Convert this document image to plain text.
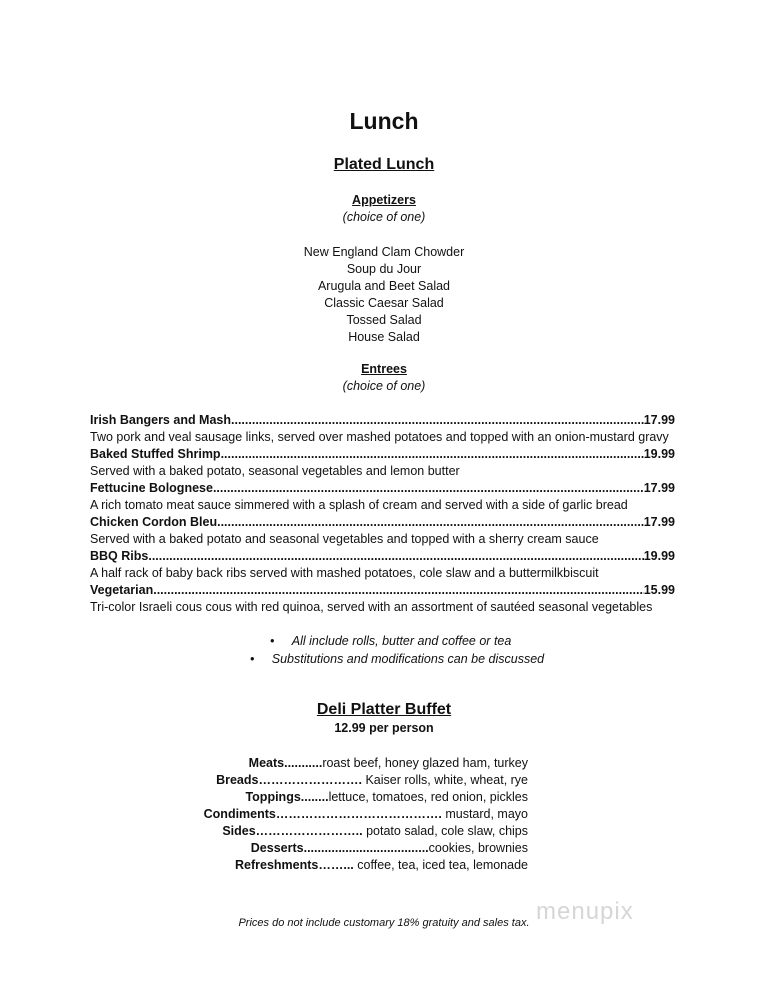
Lunch
Plated Lunch
Appetizers
(choice of one)
New England Clam Chowder
Soup du Jour
Arugula and Beet Salad
Classic Caesar Salad
Tossed Salad
House Salad
Entrees
(choice of one)
Irish Bangers and Mash .....	17.99
Two pork and veal sausage links, served over mashed potatoes and topped with an onion-mustard gravy
Baked Stuffed Shrimp .....	19.99
Served with a baked potato, seasonal vegetables and lemon butter
Fettucine Bolognese .....	17.99
A rich tomato meat sauce simmered with a splash of cream and served with a side of garlic bread
Chicken Cordon Bleu .....	17.99
Served with a baked potato and seasonal vegetables and topped with a sherry cream sauce
BBQ Ribs .....	19.99
A half rack of baby back ribs served with mashed potatoes, cole slaw and a buttermilkbiscuit
Vegetarian .....	15.99
Tri-color Israeli cous cous with red quinoa, served with an assortment of sautéed seasonal vegetables
•     All include rolls, butter and coffee or tea
•     Substitutions and modifications can be discussed
Deli Platter Buffet
12.99 per person
Meats...........roast beef, honey glazed ham, turkey
Breads……………………. Kaiser rolls, white, wheat, rye
Toppings........lettuce, tomatoes, red onion, pickles
Condiments…………………………………. mustard, mayo
Sides…………………….. potato salad, cole slaw, chips
Desserts....................................cookies, brownies
Refreshments……... coffee, tea, iced tea, lemonade
Prices do not include customary 18% gratuity and sales tax. menupix
